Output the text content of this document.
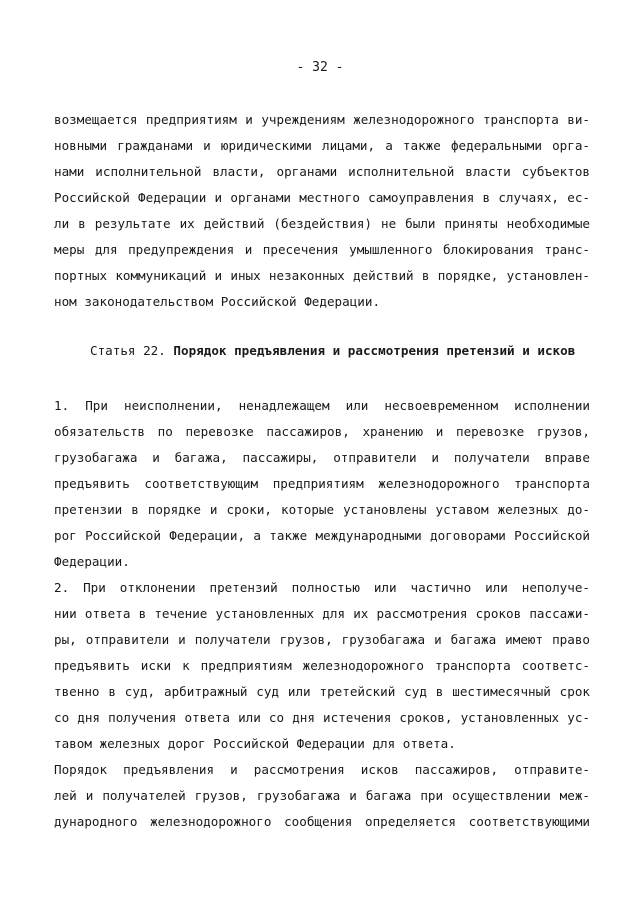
- 32 -
возмещается предприятиям и учреждениям железнодорожного транспорта ви-
новными гражданами и юридическими лицами, а также федеральными орга-
нами исполнительной власти, органами исполнительной власти субъектов
Российской Федерации и органами местного самоуправления в случаях, ес-
ли в результате их действий (бездействия) не были приняты необходимые
меры для предупреждения и пресечения умышленного блокирования транс-
портных коммуникаций и иных незаконных действий в порядке, установлен-
ном законодательством Российской Федерации.
Статья 22. Порядок предъявления и рассмотрения претензий и исков
1. При неисполнении, ненадлежащем или несвоевременном исполнении
обязательств по перевозке пассажиров, хранению и перевозке грузов,
грузобагажа и багажа, пассажиры, отправители и получатели вправе
предъявить соответствующим предприятиям железнодорожного транспорта
претензии в порядке и сроки, которые установлены уставом железных до-
рог Российской Федерации, а также международными договорами Российской
Федерации.
2. При отклонении претензий полностью или частично или неполуче-
нии ответа в течение установленных для их рассмотрения сроков пассажи-
ры, отправители и получатели грузов, грузобагажа и багажа имеют право
предъявить иски к предприятиям железнодорожного транспорта соответс-
твенно в суд, арбитражный суд или третейский суд в шестимесячный срок
со дня получения ответа или со дня истечения сроков, установленных ус-
тавом железных дорог Российской Федерации для ответа.
Порядок предъявления и рассмотрения исков пассажиров, отправите-
лей и получателей грузов, грузобагажа и багажа при осуществлении меж-
дународного железнодорожного сообщения определяется соответствующими
